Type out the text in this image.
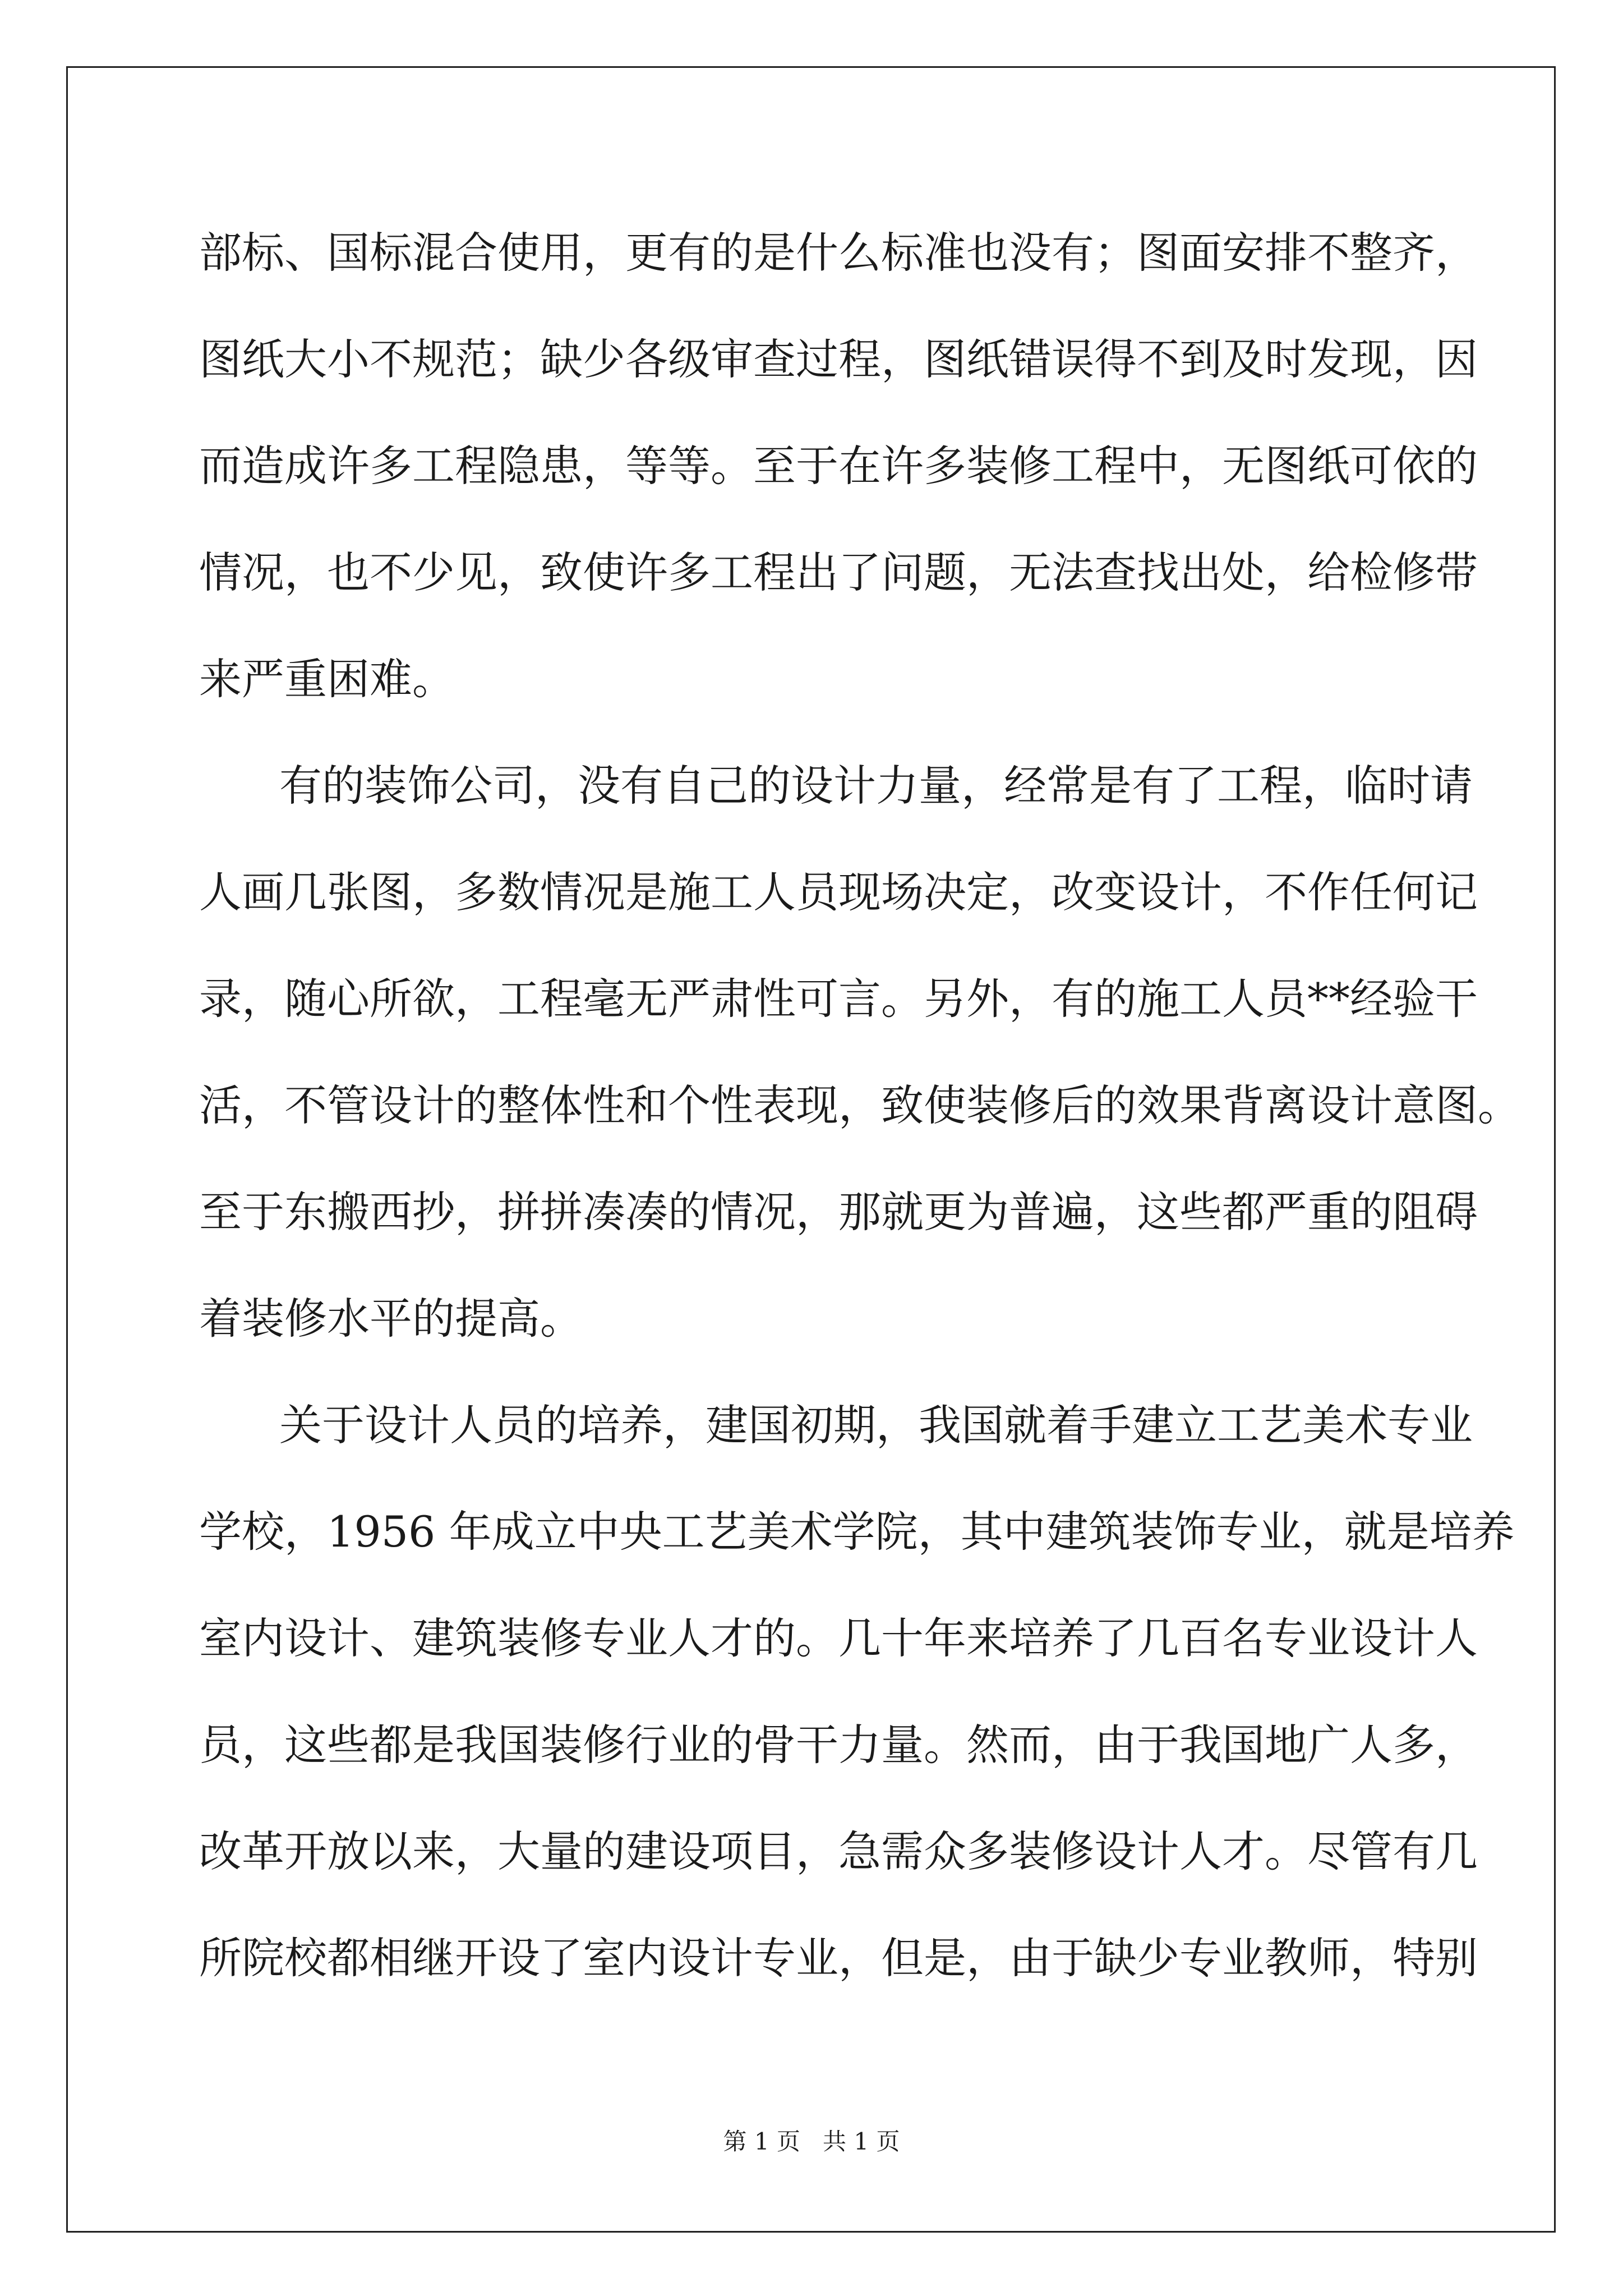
部标、国标混合使用，更有的是什么标准也没有；图面安排不整齐，
图纸大小不规范；缺少各级审查过程，图纸错误得不到及时发现，因
而造成许多工程隐患，等等。至于在许多装修工程中，无图纸可依的
情况，也不少见，致使许多工程出了问题，无法查找出处，给检修带
来严重困难。
有的装饰公司，没有自己的设计力量，经常是有了工程，临时请
人画几张图，多数情况是施工人员现场决定，改变设计，不作任何记
录，随心所欲，工程毫无严肃性可言。另外，有的施工人员**经验干
活，不管设计的整体性和个性表现，致使装修后的效果背离设计意图。
至于东搬西抄，拼拼凑凑的情况，那就更为普遍，这些都严重的阻碍
着装修水平的提高。
关于设计人员的培养，建国初期，我国就着手建立工艺美术专业
学校，1956 年成立中央工艺美术学院，其中建筑装饰专业，就是培养
室内设计、建筑装修专业人才的。几十年来培养了几百名专业设计人
员，这些都是我国装修行业的骨干力量。然而，由于我国地广人多，
改革开放以来，大量的建设项目，急需众多装修设计人才。尽管有几
所院校都相继开设了室内设计专业，但是，由于缺少专业教师，特别
第 1 页   共 1 页
